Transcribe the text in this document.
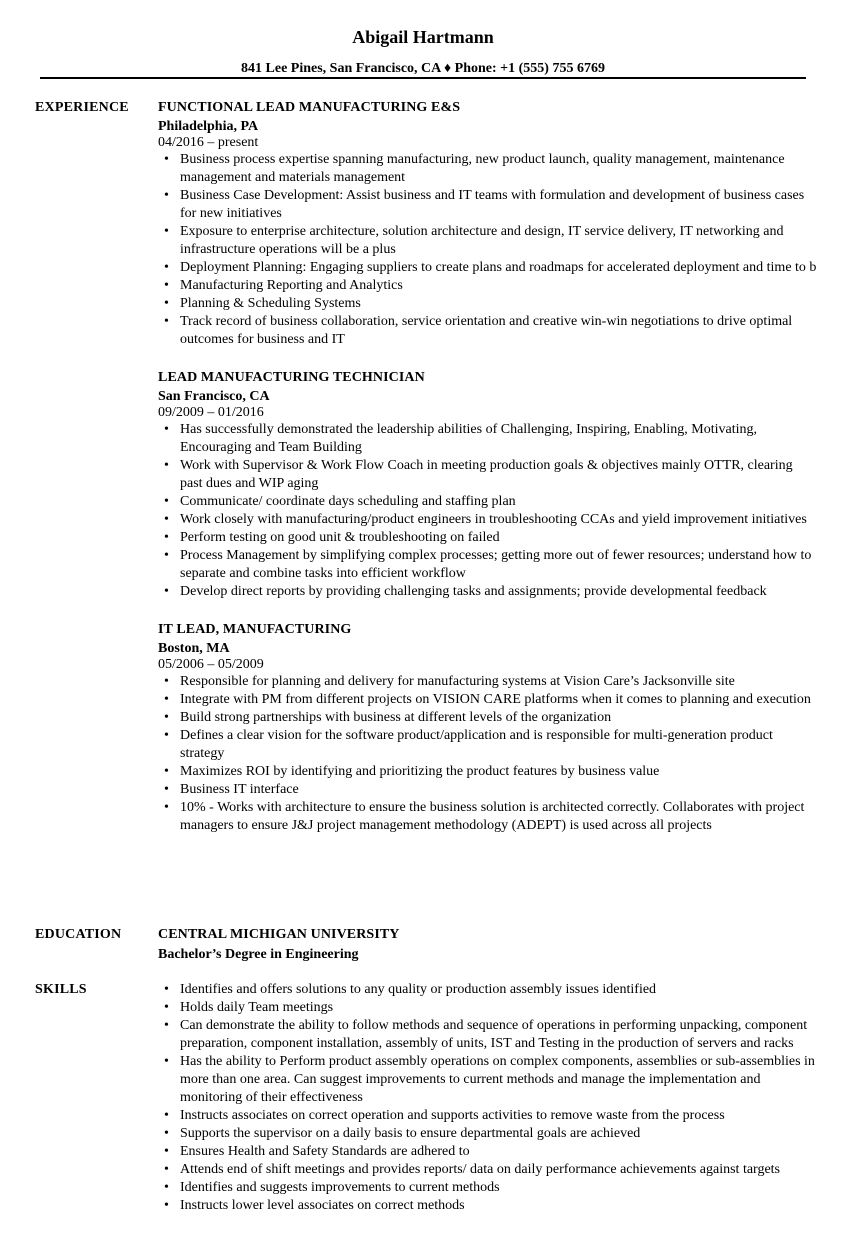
Abigail Hartmann
841 Lee Pines, San Francisco, CA ♦ Phone: +1 (555) 755 6769
EXPERIENCE	FUNCTIONAL LEAD MANUFACTURING E&S
Philadelphia, PA
04/2016 – present
• Business process expertise spanning manufacturing, new product launch, quality management, maintenance management and materials management
• Business Case Development: Assist business and IT teams with formulation and development of business cases for new initiatives
• Exposure to enterprise architecture, solution architecture and design, IT service delivery, IT networking and infrastructure operations will be a plus
• Deployment Planning: Engaging suppliers to create plans and roadmaps for accelerated deployment and time to b
• Manufacturing Reporting and Analytics
• Planning & Scheduling Systems
• Track record of business collaboration, service orientation and creative win-win negotiations to drive optimal outcomes for business and IT
LEAD MANUFACTURING TECHNICIAN
San Francisco, CA
09/2009 – 01/2016
• Has successfully demonstrated the leadership abilities of Challenging, Inspiring, Enabling, Motivating, Encouraging and Team Building
• Work with Supervisor & Work Flow Coach in meeting production goals & objectives mainly OTTR, clearing past dues and WIP aging
• Communicate/ coordinate days scheduling and staffing plan
• Work closely with manufacturing/product engineers in troubleshooting CCAs and yield improvement initiatives
• Perform testing on good unit & troubleshooting on failed
• Process Management by simplifying complex processes; getting more out of fewer resources; understand how to separate and combine tasks into efficient workflow
• Develop direct reports by providing challenging tasks and assignments; provide developmental feedback
IT LEAD, MANUFACTURING
Boston, MA
05/2006 – 05/2009
• Responsible for planning and delivery for manufacturing systems at Vision Care’s Jacksonville site
• Integrate with PM from different projects on VISION CARE platforms when it comes to planning and execution
• Build strong partnerships with business at different levels of the organization
• Defines a clear vision for the software product/application and is responsible for multi-generation product strategy
• Maximizes ROI by identifying and prioritizing the product features by business value
• Business IT interface
• 10% - Works with architecture to ensure the business solution is architected correctly. Collaborates with project managers to ensure J&J project management methodology (ADEPT) is used across all projects
EDUCATION	CENTRAL MICHIGAN UNIVERSITY
Bachelor’s Degree in Engineering
SKILLS	• Identifies and offers solutions to any quality or production assembly issues identified
• Holds daily Team meetings
• Can demonstrate the ability to follow methods and sequence of operations in performing unpacking, component preparation, component installation, assembly of units, IST and Testing in the production of servers and racks
• Has the ability to Perform product assembly operations on complex components, assemblies or sub-assemblies in more than one area. Can suggest improvements to current methods and manage the implementation and monitoring of their effectiveness
• Instructs associates on correct operation and supports activities to remove waste from the process
• Supports the supervisor on a daily basis to ensure departmental goals are achieved
• Ensures Health and Safety Standards are adhered to
• Attends end of shift meetings and provides reports/ data on daily performance achievements against targets
• Identifies and suggests improvements to current methods
• Instructs lower level associates on correct methods
